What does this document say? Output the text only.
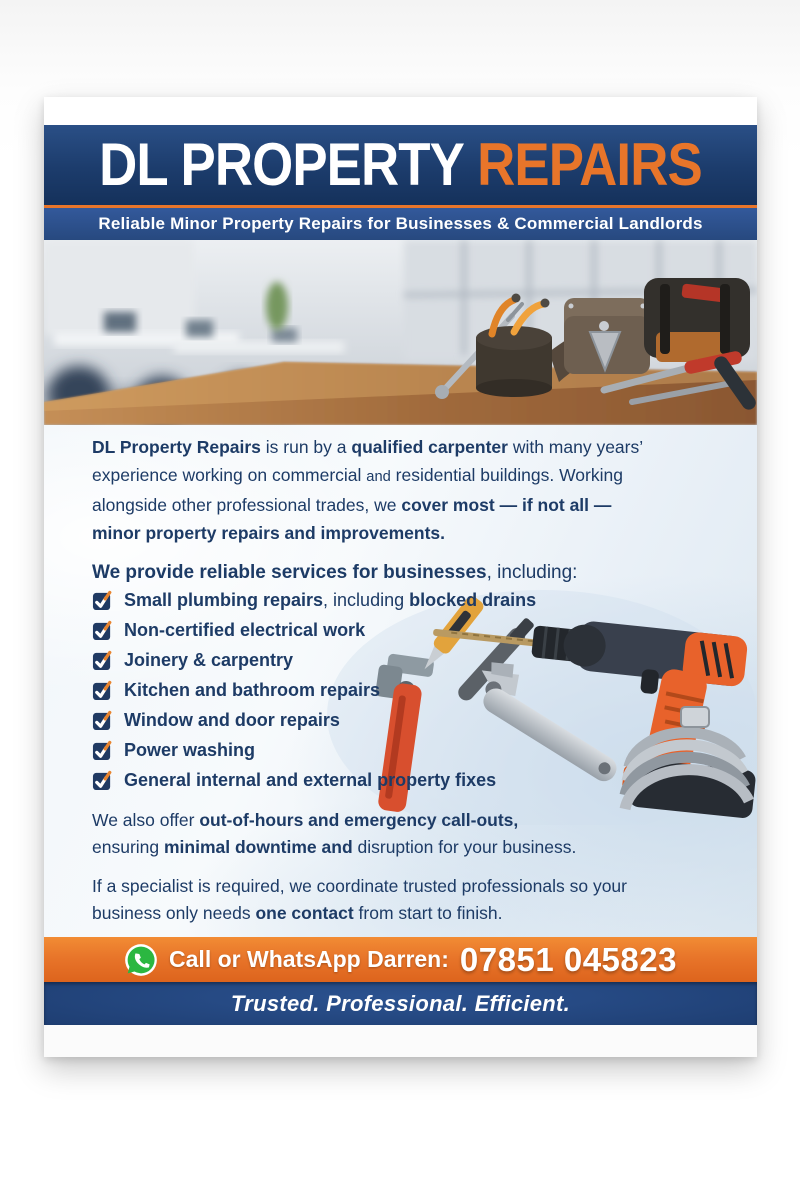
DL PROPERTY REPAIRS
Reliable Minor Property Repairs for Businesses & Commercial Landlords

DL Property Repairs is run by a qualified carpenter with many years’
experience working on commercial and residential buildings. Working
alongside other professional trades, we cover most — if not all —
minor property repairs and improvements.

We provide reliable services for businesses, including:

Small plumbing repairs, including blocked drains
Non-certified electrical work
Joinery & carpentry
Kitchen and bathroom repairs
Window and door repairs
Power washing
General internal and external property fixes

We also offer out-of-hours and emergency call-outs,
ensuring minimal downtime and disruption for your business.

If a specialist is required, we coordinate trusted professionals so your
business only needs one contact from start to finish.

Call or WhatsApp Darren: 07851 045823
Trusted. Professional. Efficient.
